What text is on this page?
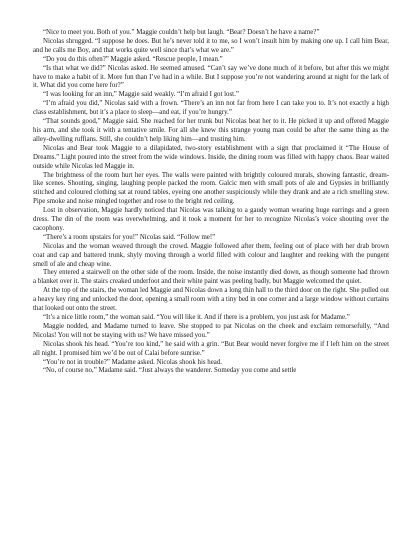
“Nice to meet you. Both of you.” Maggie couldn’t help but laugh. “Bear? Doesn’t he have a name?”

Nicolas shrugged. “I suppose he does. But he’s never told it to me, so I won’t insult him by making one up. I call him Bear, and he calls me Boy, and that works quite well since that’s what we are.”

“Do you do this often?” Maggie asked. “Rescue people, I mean.”

“Is that what we did?” Nicolas asked. He seemed amused. “Can’t say we’ve done much of it before, but after this we might have to make a habit of it. More fun than I’ve had in a while. But I suppose you’re not wandering around at night for the lark of it. What did you come here for?”

“I was looking for an inn,” Maggie said weakly. “I’m afraid I got lost.”

“I’m afraid you did,” Nicolas said with a frown. “There’s an inn not far from here I can take you to. It’s not exactly a high class establishment, but it’s a place to sleep—and eat, if you’re hungry.”

“That sounds good,” Maggie said. She reached for her trunk but Nicolas beat her to it. He picked it up and offered Maggie his arm, and she took it with a tentative smile. For all she knew this strange young man could be after the same thing as the alley-dwelling ruffians. Still, she couldn’t help liking him—and trusting him.

Nicolas and Bear took Maggie to a dilapidated, two-story establishment with a sign that proclaimed it “The House of Dreams.” Light poured into the street from the wide windows. Inside, the dining room was filled with happy chaos. Bear waited outside while Nicolas led Maggie in.

The brightness of the room hurt her eyes. The walls were painted with brightly coloured murals, showing fantastic, dream-like scenes. Shouting, singing, laughing people packed the room. Galcic men with small pots of ale and Gypsies in brilliantly stitched and coloured clothing sat at round tables, eyeing one another suspiciously while they drank and ate a rich smelling stew. Pipe smoke and noise mingled together and rose to the bright red ceiling.

Lost in observation, Maggie hardly noticed that Nicolas was talking to a gaudy woman wearing huge earrings and a green dress. The din of the room was overwhelming, and it took a moment for her to recognize Nicolas’s voice shouting over the cacophony.

“There’s a room upstairs for you!” Nicolas said. “Follow me!”

Nicolas and the woman weaved through the crowd. Maggie followed after them, feeling out of place with her drab brown coat and cap and battered trunk, shyly moving through a world filled with colour and laughter and reeking with the pungent smell of ale and cheap wine.

They entered a stairwell on the other side of the room. Inside, the noise instantly died down, as though someone had thrown a blanket over it. The stairs creaked underfoot and their white paint was peeling badly, but Maggie welcomed the quiet.

At the top of the stairs, the woman led Maggie and Nicolas down a long thin hall to the third door on the right. She pulled out a heavy key ring and unlocked the door, opening a small room with a tiny bed in one corner and a large window without curtains that looked out onto the street.

“It’s a nice little room,” the woman said. “You will like it. And if there is a problem, you just ask for Madame.”

Maggie nodded, and Madame turned to leave. She stopped to pat Nicolas on the cheek and exclaim remorsefully, “And Nicolas! You will not be staying with us? We have missed you.”

Nicolas shook his head. “You’re too kind,” he said with a grin. “But Bear would never forgive me if I left him on the street all night. I promised him we’d be out of Calai before sunrise.”

“You’re not in trouble?” Madame asked. Nicolas shook his head.

“No, of course no,” Madame said. “Just always the wanderer. Someday you come and settle
